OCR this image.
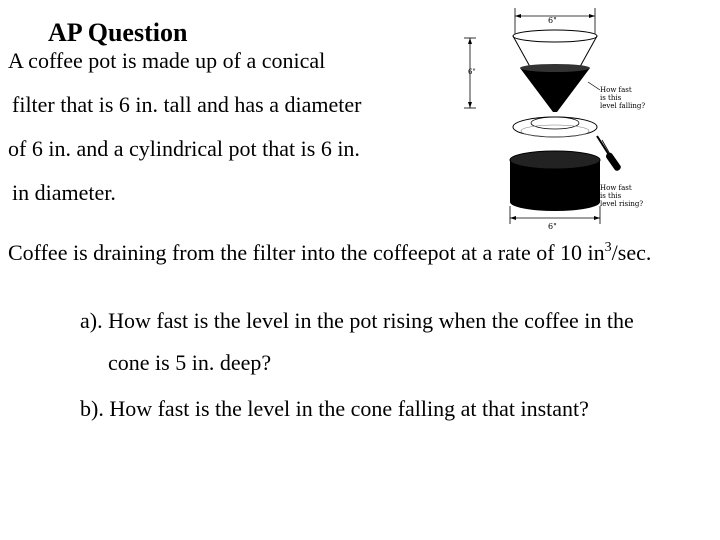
AP Question
A coffee pot is made up of a conical
filter that is 6 in. tall and has a diameter
of 6 in. and a cylindrical pot that is 6 in.
in diameter.
Coffee is draining from the filter into the coffeepot at a rate of 10 $in^3/\sec$.
a). How fast is the level in the pot rising when the coffee in the
cone is 5 in. deep?
b). How fast is the level in the cone falling at that instant?
6"
6"
How fast
is this
level falling?
How fast
is this
level rising?
6"
